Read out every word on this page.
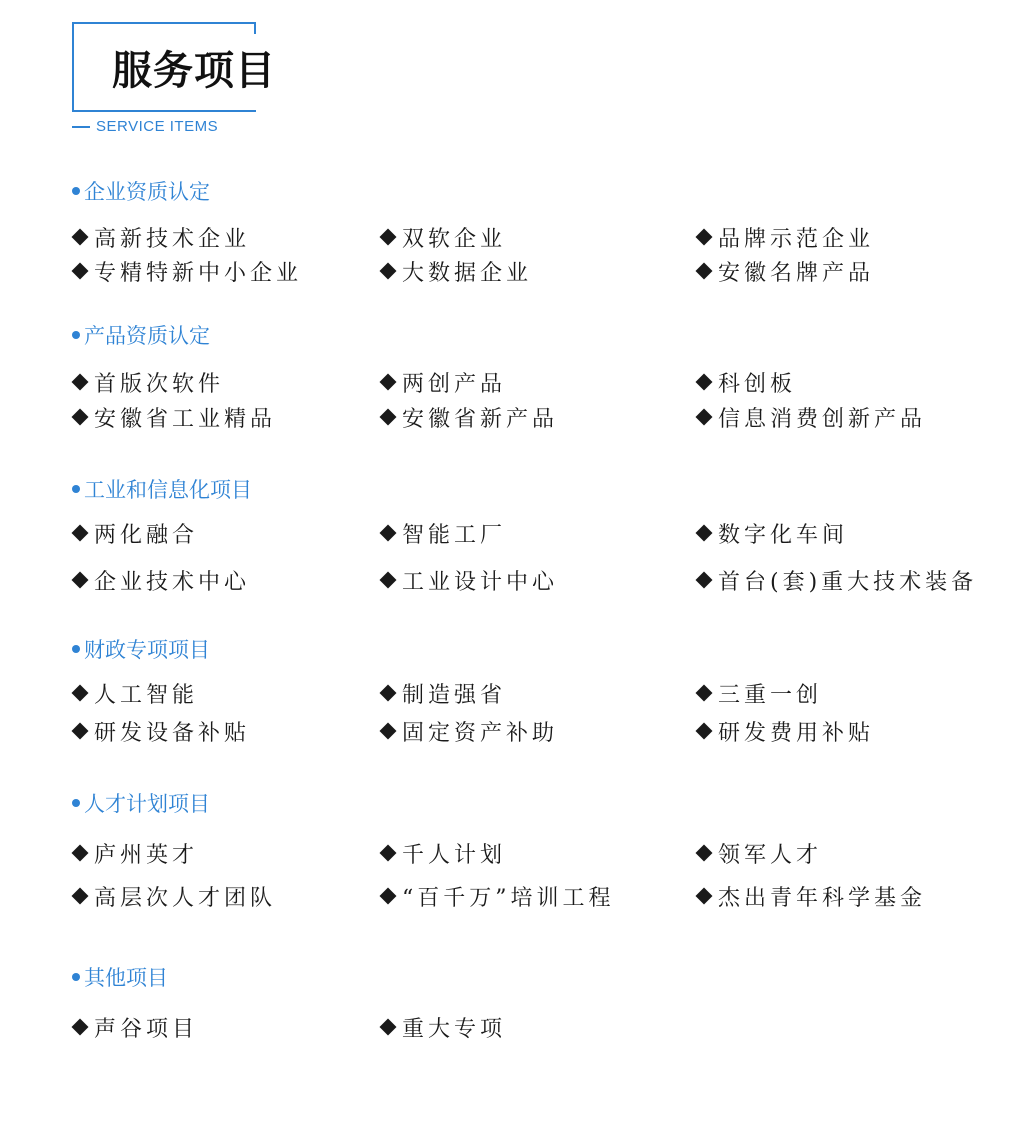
服务项目
SERVICE ITEMS
企业资质认定
高新技术企业	双软企业	品牌示范企业
专精特新中小企业	大数据企业	安徽名牌产品
产品资质认定
首版次软件	两创产品	科创板
安徽省工业精品	安徽省新产品	信息消费创新产品
工业和信息化项目
两化融合	智能工厂	数字化车间
企业技术中心	工业设计中心	首台(套)重大技术装备
财政专项项目
人工智能	制造强省	三重一创
研发设备补贴	固定资产补助	研发费用补贴
人才计划项目
庐州英才	千人计划	领军人才
高层次人才团队	“百千万”培训工程	杰出青年科学基金
其他项目
声谷项目	重大专项
